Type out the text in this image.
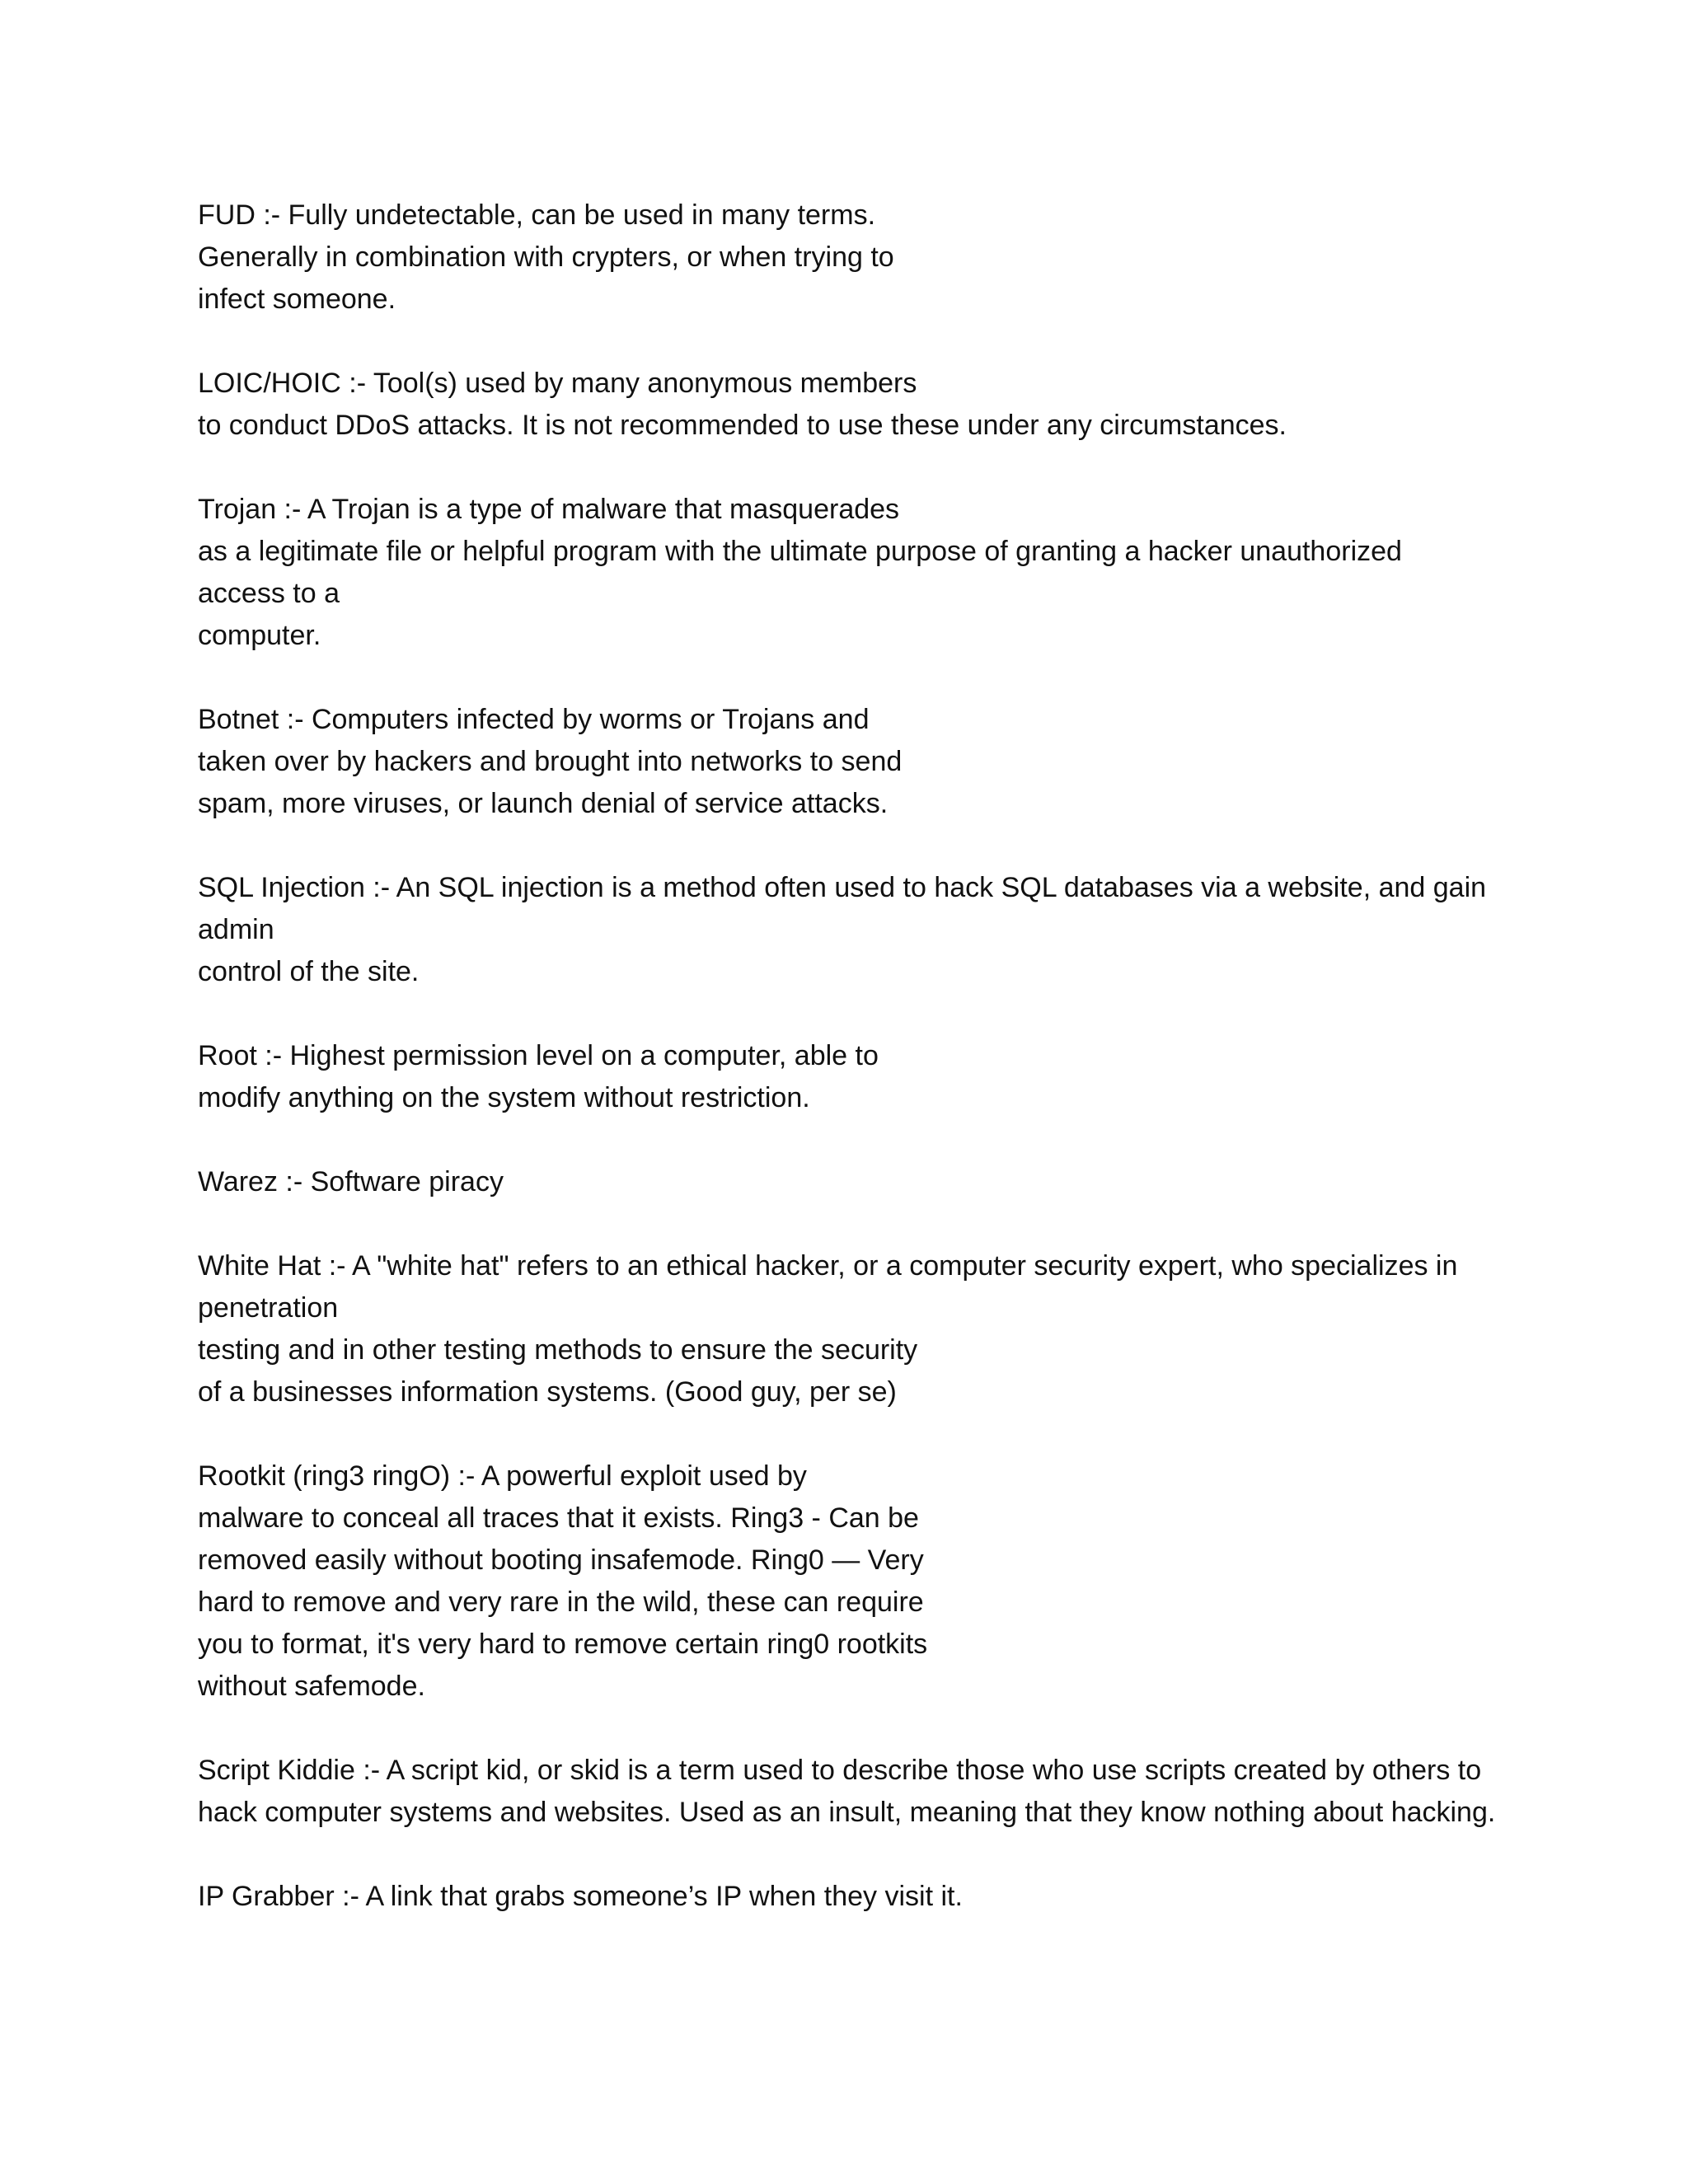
FUD :- Fully undetectable, can be used in many terms.
Generally in combination with crypters, or when trying to
infect someone.
LOIC/HOIC :- Tool(s) used by many anonymous members
to conduct DDoS attacks. It is not recommended to use these under any circumstances.
Trojan :- A Trojan is a type of malware that masquerades
as a legitimate file or helpful program with the ultimate purpose of granting a hacker unauthorized
access to a
computer.
Botnet :- Computers infected by worms or Trojans and
taken over by hackers and brought into networks to send
spam, more viruses, or launch denial of service attacks.
SQL Injection :- An SQL injection is a method often used to hack SQL databases via a website, and gain
admin
control of the site.
Root :- Highest permission level on a computer, able to
modify anything on the system without restriction.
Warez :- Software piracy
White Hat :- A "white hat" refers to an ethical hacker, or a computer security expert, who specializes in
penetration
testing and in other testing methods to ensure the security
of a businesses information systems. (Good guy, per se)
Rootkit (ring3 ringO) :- A powerful exploit used by
malware to conceal all traces that it exists. Ring3 - Can be
removed easily without booting insafemode. Ring0 — Very
hard to remove and very rare in the wild, these can require
you to format, it's very hard to remove certain ring0 rootkits
without safemode.
Script Kiddie :- A script kid, or skid is a term used to describe those who use scripts created by others to
hack computer systems and websites. Used as an insult, meaning that they know nothing about hacking.
IP Grabber :- A link that grabs someone’s IP when they visit it.
